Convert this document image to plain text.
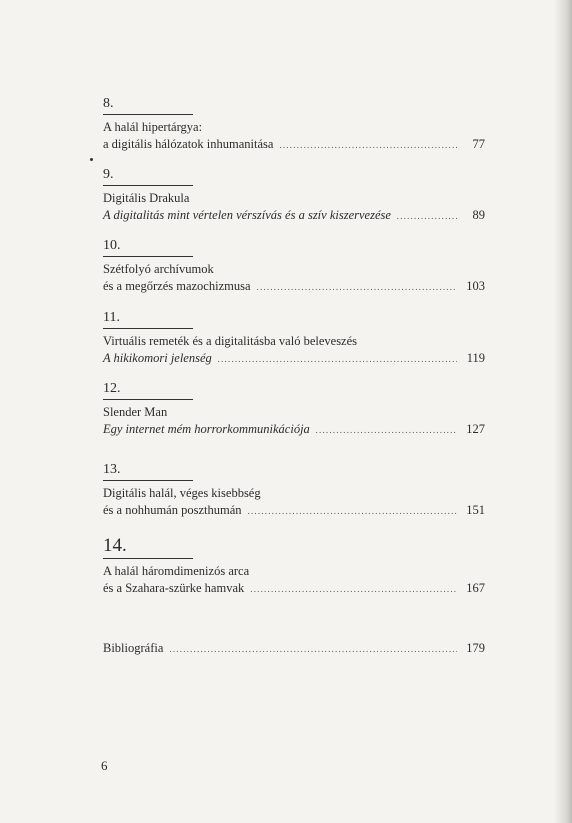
8.
A halál hipertárgya:
a digitális hálózatok inhumanitása .....	77
9.
Digitális Drakula
A digitalitás mint vértelen vérszívás és a szív kiszervezése .....	89
10.
Szétfolyó archívumok
és a megőrzés mazochizmusa .....	103
11.
Virtuális remeték és a digitalitásba való beleveszés
A hikikomori jelenség .....	119
12.
Slender Man
Egy internet mém horrorkommunikációja .....	127
13.
Digitális halál, véges kisebbség
és a nohhumán poszthumán .....	151
14.
A halál háromdimenizós arca
és a Szahara-szürke hamvak .....	167
Bibliográfia .....	179
6
